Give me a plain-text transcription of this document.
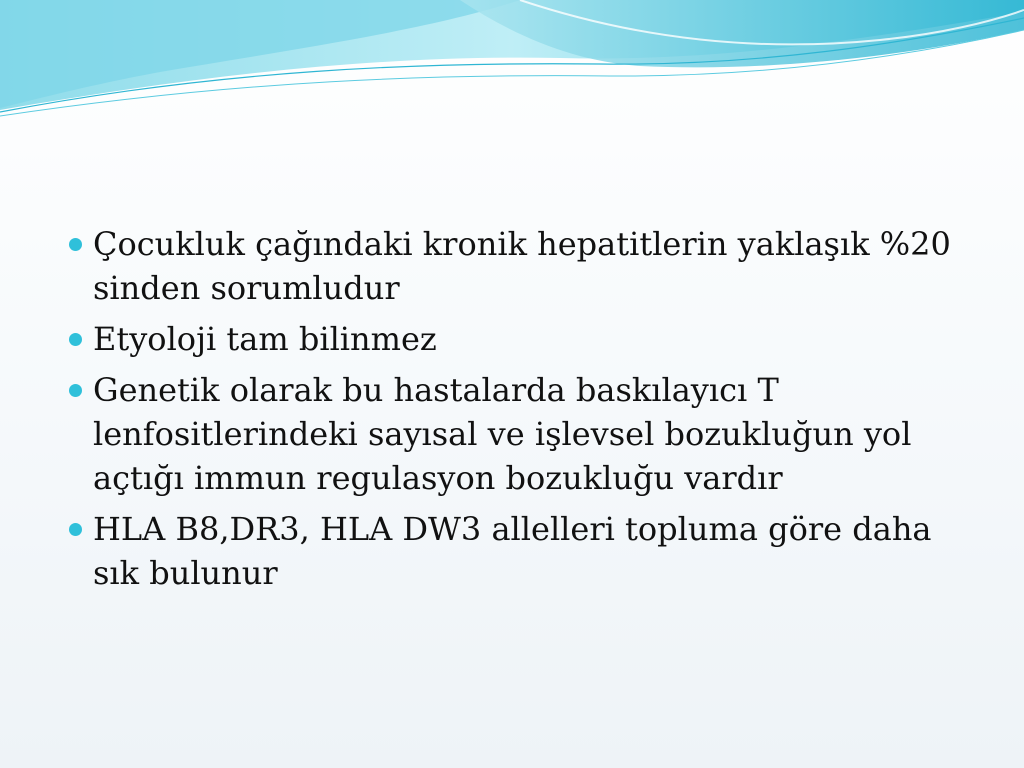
Çocukluk çağındaki kronik hepatitlerin yaklaşık %20 sinden sorumludur
Etyoloji tam bilinmez
Genetik olarak bu hastalarda baskılayıcı T lenfositlerindeki sayısal ve işlevsel bozukluğun yol açtığı immun regulasyon bozukluğu vardır
HLA B8,DR3, HLA DW3 allelleri topluma göre daha sık bulunur
